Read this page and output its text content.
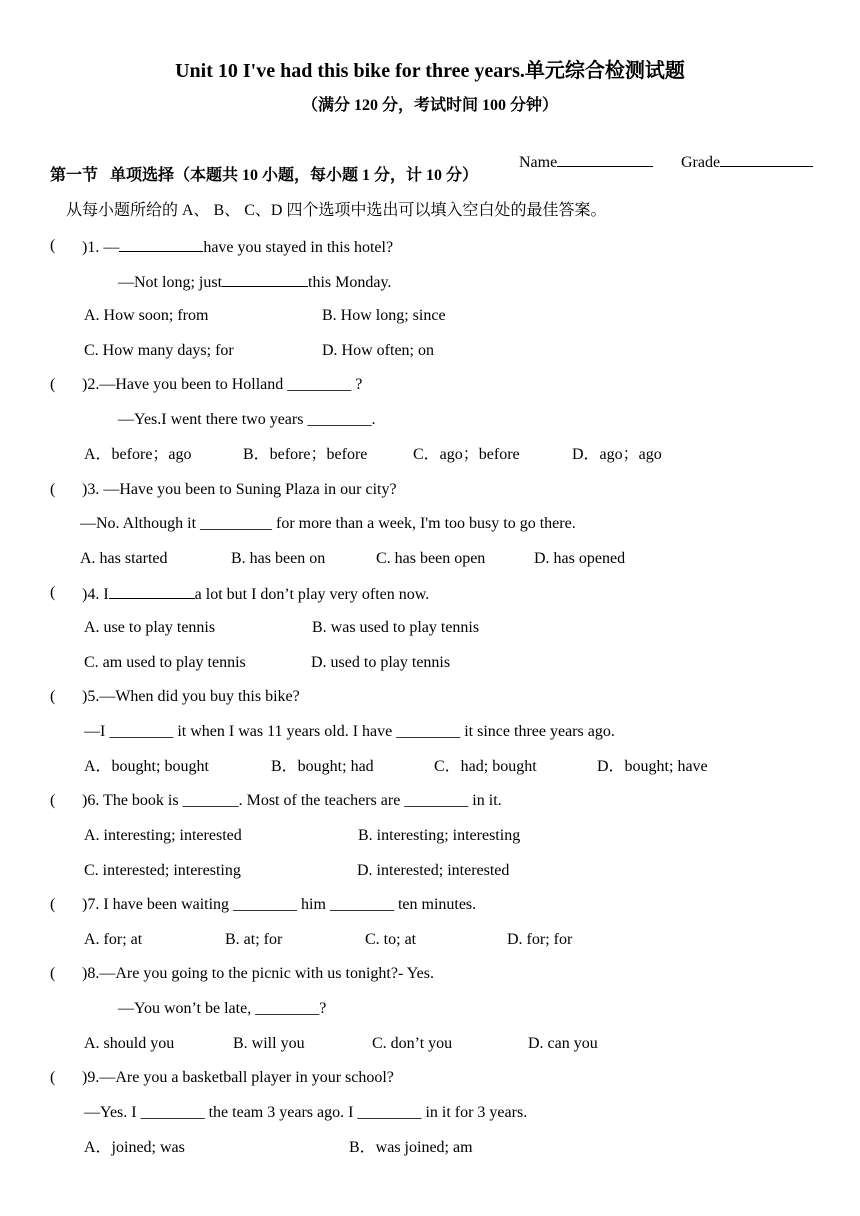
Unit 10 I've had this bike for three years.单元综合检测试题
（满分 120 分，考试时间 100 分钟）

Name	Grade

第一节   单项选择（本题共 10 小题，每小题 1 分，计 10 分）
从每小题所给的 A、 B、 C、D 四个选项中选出可以填入空白处的最佳答案。
( )1. —	have you stayed in this hotel?
—Not long; just	this Monday.
A. How soon; from	B. How long; since
C. How many days; for	D. How often; on
( )2.—Have you been to Holland ________ ?
—Yes.I went there two years ________.
A．before；ago	B．before；before	C．ago；before	D．ago；ago
( )3. —Have you been to Suning Plaza in our city?
—No. Although it _________ for more than a week, I'm too busy to go there.
A. has started	B. has been on	C. has been open	D. has opened
( )4. I	a lot but I don’t play very often now.
A. use to play tennis	B. was used to play tennis
C. am used to play tennis	D. used to play tennis
( )5.—When did you buy this bike?
—I ________ it when I was 11 years old. I have ________ it since three years ago.
A．bought; bought	B．bought; had	C．had; bought	D．bought; have
( )6. The book is _______. Most of the teachers are ________ in it.
A. interesting; interested	B. interesting; interesting
C. interested; interesting	D. interested; interested
( )7. I have been waiting ________ him ________ ten minutes.
A. for; at	B. at; for	C. to; at	D. for; for
( )8.—Are you going to the picnic with us tonight?- Yes.
—You won’t be late, ________?
A. should you	B. will you	C. don’t you	D. can you
( )9.—Are you a basketball player in your school?
—Yes. I ________ the team 3 years ago. I ________ in it for 3 years.
A．joined; was	B．was joined; am
